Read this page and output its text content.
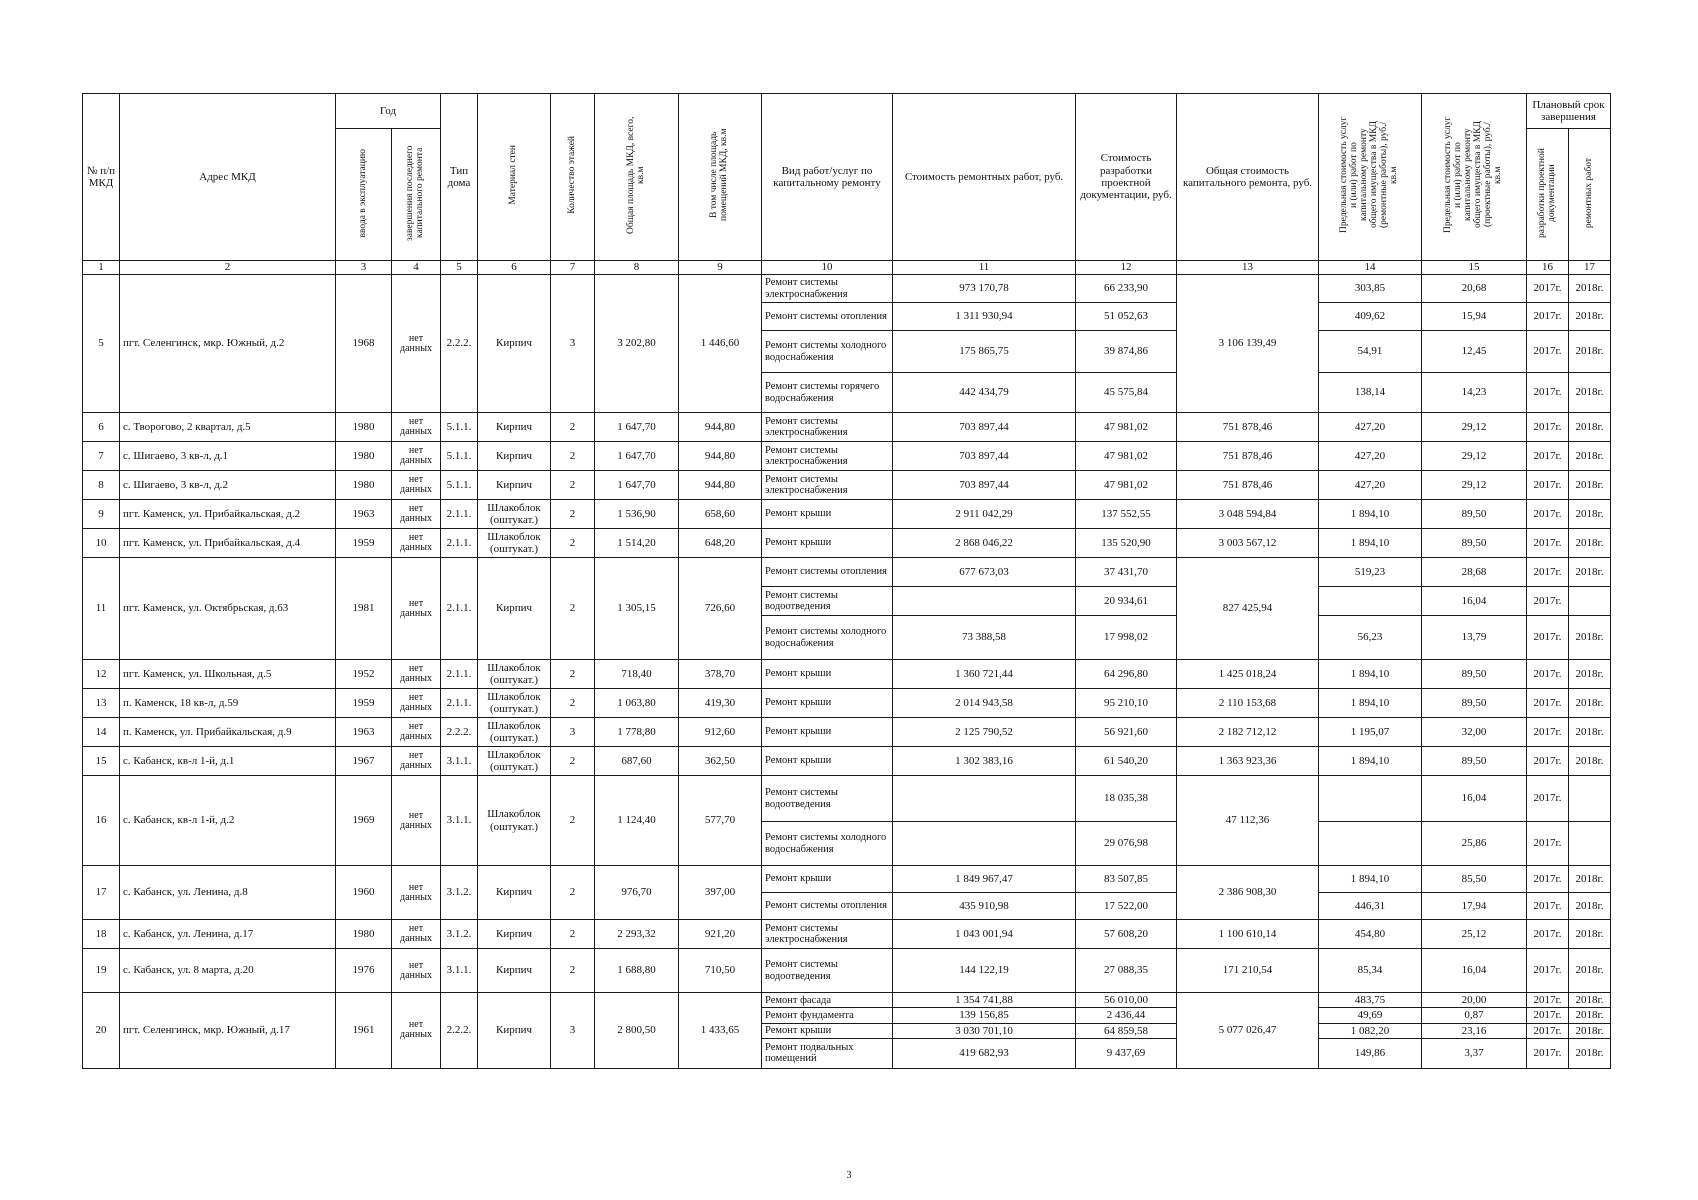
№ п/п МКД	Адрес МКД	Год		Тип дома	Материал стен	Количество этажей	Общая площадь МКД, всего, кв.м	В том числе площадь помещений МКД, кв.м	Вид работ/услуг по капитальному ремонту	Стоимость ремонтных работ, руб.	Стоимость разработки проектной документации, руб.	Общая стоимость капитального ремонта, руб.	Предельная стоимость услуг и (или) работ по капитальному ремонту общего имущества в МКД (ремонтные работы), руб./кв.м	Предельная стоимость услуг и (или) работ по капитальному ремонту общего имущества в МКД (проектные работы), руб./кв.м	Плановый срок завершения	
		ввода в эксплуатацию	завершения последнего капитального ремонта												разработки проектной документации	ремонтных работ
1	2	3	4	5	6	7	8	9	10	11	12	13	14	15	16	17
5	пгт. Селенгинск, мкр. Южный, д.2	1968	нет данных	2.2.2.	Кирпич	3	3 202,80	1 446,60	Ремонт системы электроснабжения	973 170,78	66 233,90	3 106 139,49	303,85	20,68	2017г.	2018г.
									Ремонт системы отопления	1 311 930,94	51 052,63		409,62	15,94	2017г.	2018г.
									Ремонт системы холодного водоснабжения	175 865,75	39 874,86		54,91	12,45	2017г.	2018г.
									Ремонт системы горячего водоснабжения	442 434,79	45 575,84		138,14	14,23	2017г.	2018г.
6	с. Творогово, 2 квартал, д.5	1980	нет данных	5.1.1.	Кирпич	2	1 647,70	944,80	Ремонт системы электроснабжения	703 897,44	47 981,02	751 878,46	427,20	29,12	2017г.	2018г.
7	с. Шигаево, 3 кв-л, д.1	1980	нет данных	5.1.1.	Кирпич	2	1 647,70	944,80	Ремонт системы электроснабжения	703 897,44	47 981,02	751 878,46	427,20	29,12	2017г.	2018г.
8	с. Шигаево, 3 кв-л, д.2	1980	нет данных	5.1.1.	Кирпич	2	1 647,70	944,80	Ремонт системы электроснабжения	703 897,44	47 981,02	751 878,46	427,20	29,12	2017г.	2018г.
9	пгт. Каменск, ул. Прибайкальская, д.2	1963	нет данных	2.1.1.	Шлакоблок (оштукат.)	2	1 536,90	658,60	Ремонт крыши	2 911 042,29	137 552,55	3 048 594,84	1 894,10	89,50	2017г.	2018г.
10	пгт. Каменск, ул. Прибайкальская, д.4	1959	нет данных	2.1.1.	Шлакоблок (оштукат.)	2	1 514,20	648,20	Ремонт крыши	2 868 046,22	135 520,90	3 003 567,12	1 894,10	89,50	2017г.	2018г.
11	пгт. Каменск, ул. Октябрьская, д.63	1981	нет данных	2.1.1.	Кирпич	2	1 305,15	726,60	Ремонт системы отопления	677 673,03	37 431,70	827 425,94	519,23	28,68	2017г.	2018г.
									Ремонт системы водоотведения		20 934,61			16,04	2017г.	
									Ремонт системы холодного водоснабжения	73 388,58	17 998,02		56,23	13,79	2017г.	2018г.
12	пгт. Каменск, ул. Школьная, д.5	1952	нет данных	2.1.1.	Шлакоблок (оштукат.)	2	718,40	378,70	Ремонт крыши	1 360 721,44	64 296,80	1 425 018,24	1 894,10	89,50	2017г.	2018г.
13	п. Каменск, 18 кв-л, д.59	1959	нет данных	2.1.1.	Шлакоблок (оштукат.)	2	1 063,80	419,30	Ремонт крыши	2 014 943,58	95 210,10	2 110 153,68	1 894,10	89,50	2017г.	2018г.
14	п. Каменск, ул. Прибайкальская, д.9	1963	нет данных	2.2.2.	Шлакоблок (оштукат.)	3	1 778,80	912,60	Ремонт крыши	2 125 790,52	56 921,60	2 182 712,12	1 195,07	32,00	2017г.	2018г.
15	с. Кабанск, кв-л 1-й, д.1	1967	нет данных	3.1.1.	Шлакоблок (оштукат.)	2	687,60	362,50	Ремонт крыши	1 302 383,16	61 540,20	1 363 923,36	1 894,10	89,50	2017г.	2018г.
16	с. Кабанск, кв-л 1-й, д.2	1969	нет данных	3.1.1.	Шлакоблок (оштукат.)	2	1 124,40	577,70	Ремонт системы водоотведения		18 035,38	47 112,36		16,04	2017г.	
									Ремонт системы холодного водоснабжения		29 076,98			25,86	2017г.	
17	с. Кабанск, ул. Ленина, д.8	1960	нет данных	3.1.2.	Кирпич	2	976,70	397,00	Ремонт крыши	1 849 967,47	83 507,85	2 386 908,30	1 894,10	85,50	2017г.	2018г.
									Ремонт системы отопления	435 910,98	17 522,00		446,31	17,94	2017г.	2018г.
18	с. Кабанск, ул. Ленина, д.17	1980	нет данных	3.1.2.	Кирпич	2	2 293,32	921,20	Ремонт системы электроснабжения	1 043 001,94	57 608,20	1 100 610,14	454,80	25,12	2017г.	2018г.
19	с. Кабанск, ул. 8 марта, д.20	1976	нет данных	3.1.1.	Кирпич	2	1 688,80	710,50	Ремонт системы водоотведения	144 122,19	27 088,35	171 210,54	85,34	16,04	2017г.	2018г.
20	пгт. Селенгинск, мкр. Южный, д.17	1961	нет данных	2.2.2.	Кирпич	3	2 800,50	1 433,65	Ремонт фасада	1 354 741,88	56 010,00	5 077 026,47	483,75	20,00	2017г.	2018г.
									Ремонт фундамента	139 156,85	2 436,44		49,69	0,87	2017г.	2018г.
									Ремонт крыши	3 030 701,10	64 859,58		1 082,20	23,16	2017г.	2018г.
									Ремонт подвальных помещений	419 682,93	9 437,69		149,86	3,37	2017г.	2018г.
3
